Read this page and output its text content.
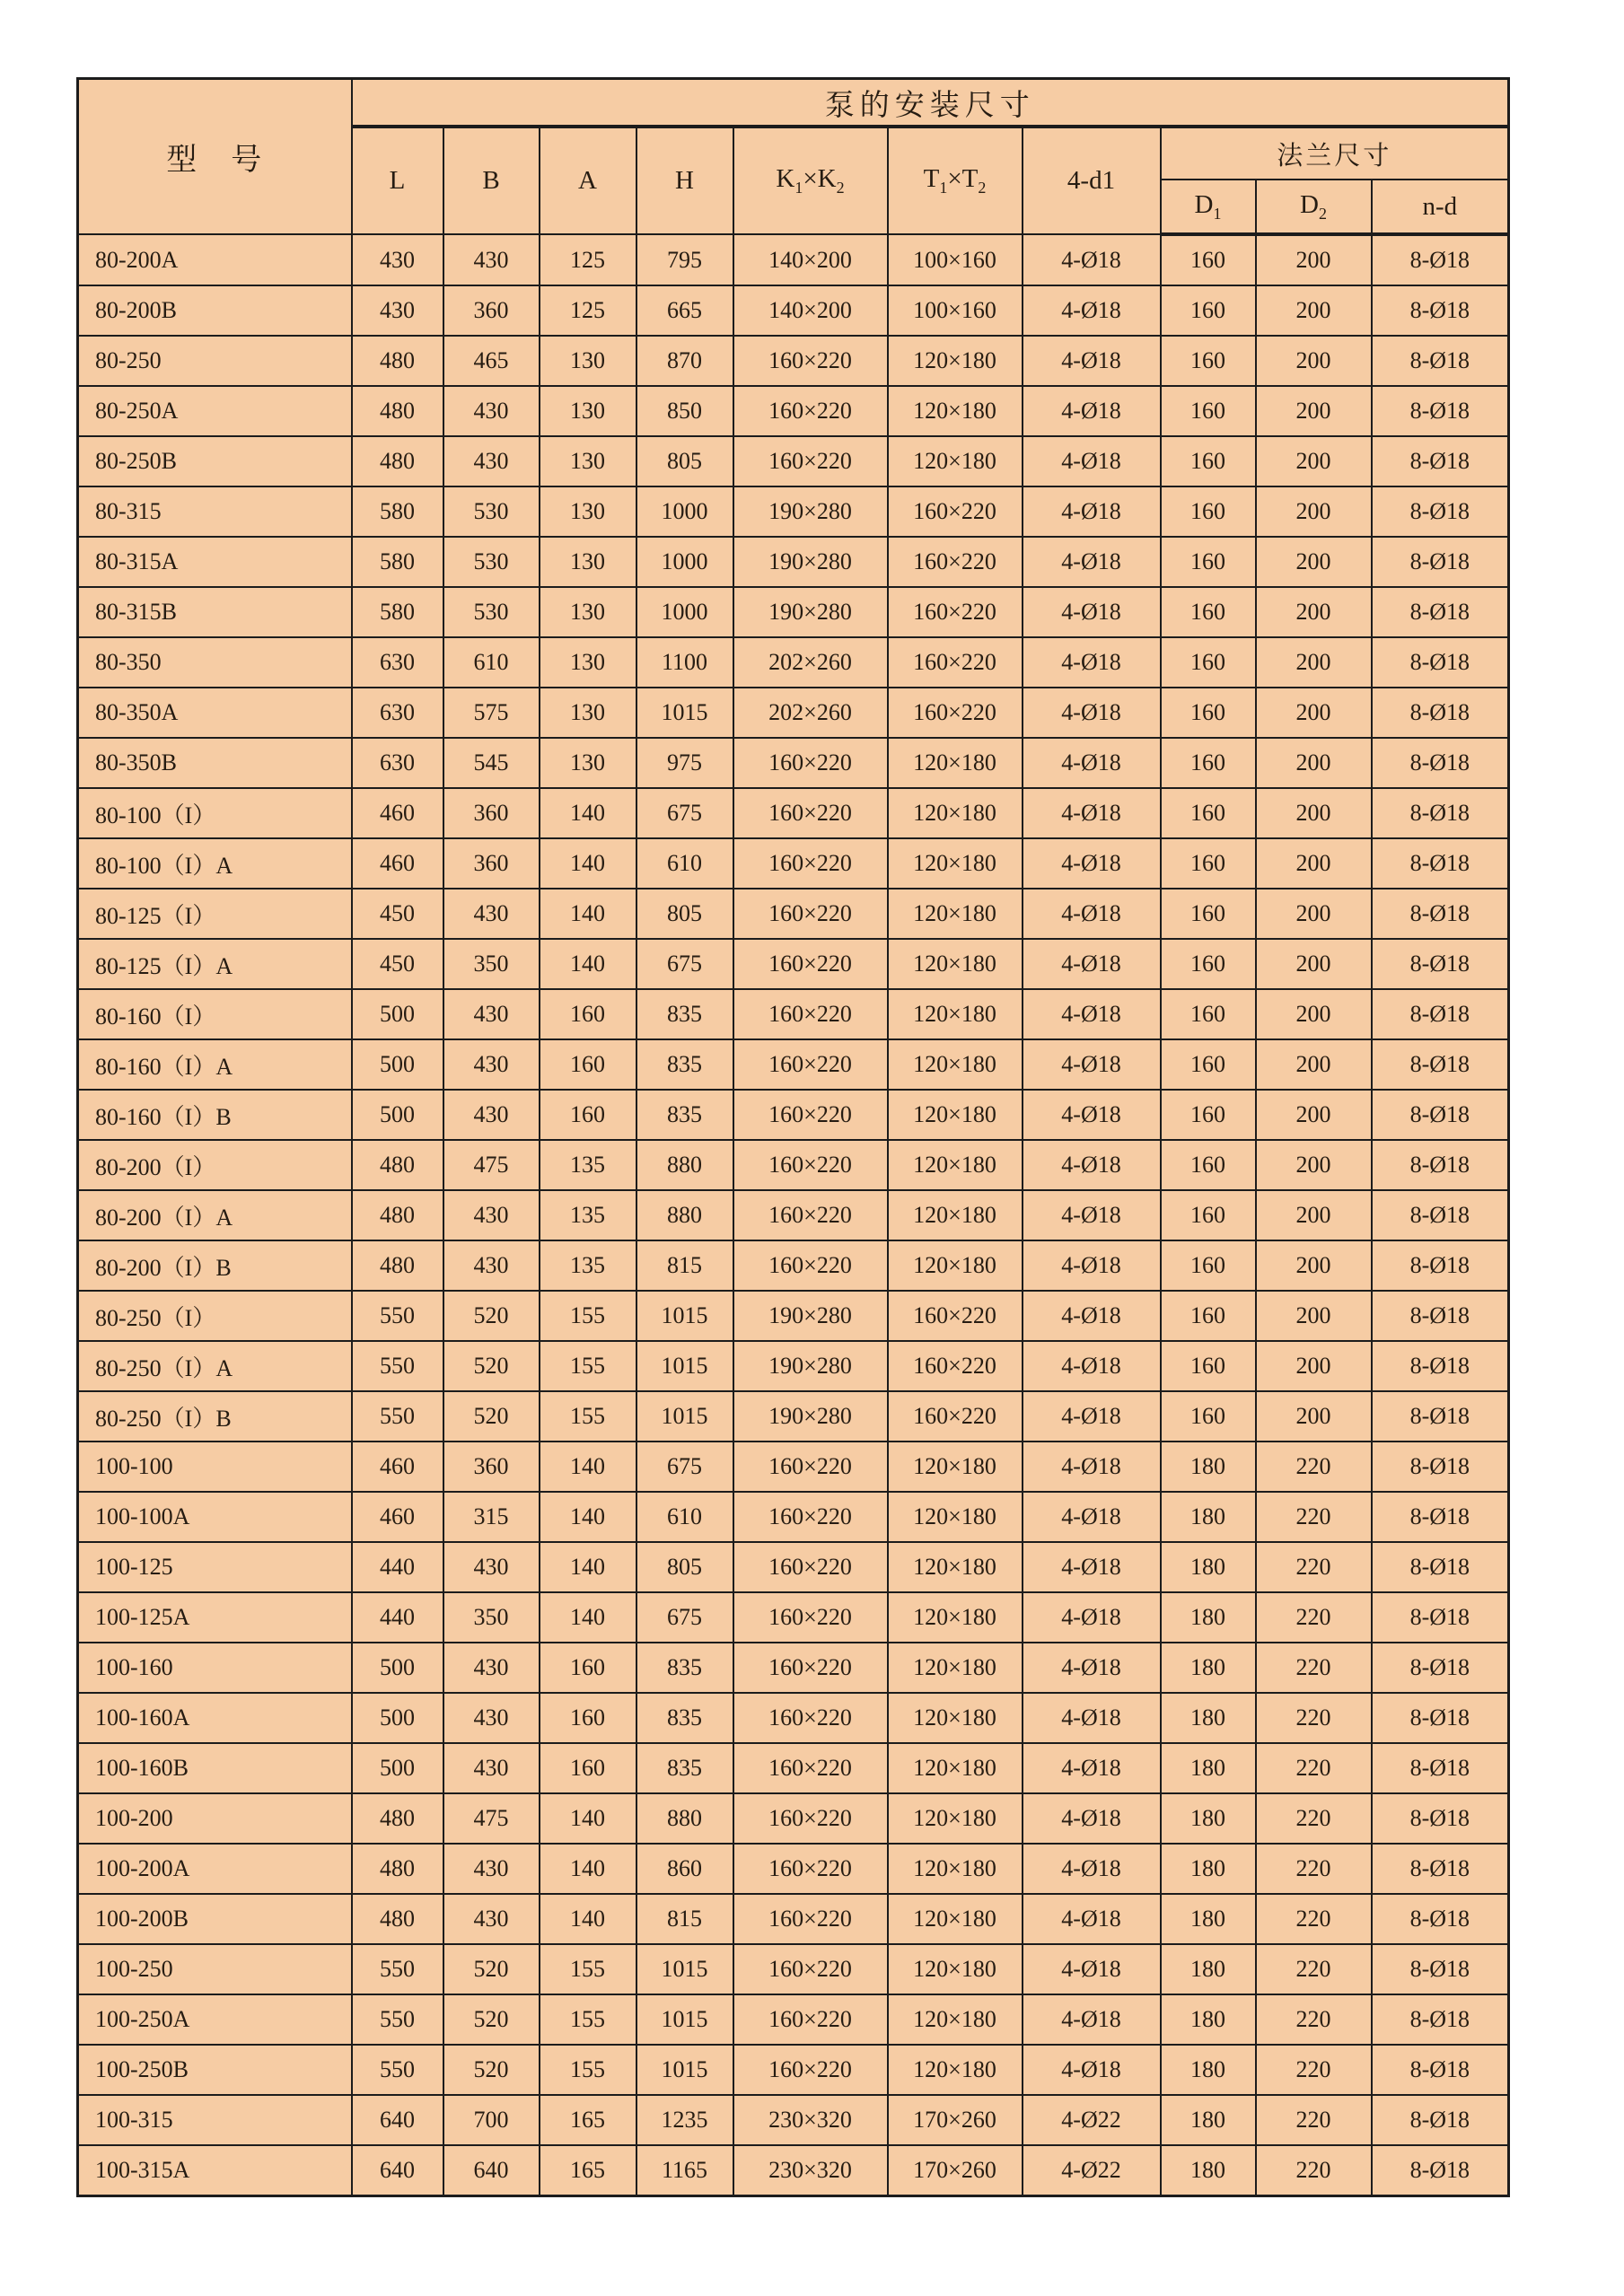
型　号	泵的安装尺寸									
	L	B	A	H	$K_1\times K_2$	$T_1\times T_2$	4-d1	法兰尺寸		
								$D_1$	$D_2$	n-d
80-200A	430	430	125	795	140×200	100×160	4-Ø18	160	200	8-Ø18
80-200B	430	360	125	665	140×200	100×160	4-Ø18	160	200	8-Ø18
80-250	480	465	130	870	160×220	120×180	4-Ø18	160	200	8-Ø18
80-250A	480	430	130	850	160×220	120×180	4-Ø18	160	200	8-Ø18
80-250B	480	430	130	805	160×220	120×180	4-Ø18	160	200	8-Ø18
80-315	580	530	130	1000	190×280	160×220	4-Ø18	160	200	8-Ø18
80-315A	580	530	130	1000	190×280	160×220	4-Ø18	160	200	8-Ø18
80-315B	580	530	130	1000	190×280	160×220	4-Ø18	160	200	8-Ø18
80-350	630	610	130	1100	202×260	160×220	4-Ø18	160	200	8-Ø18
80-350A	630	575	130	1015	202×260	160×220	4-Ø18	160	200	8-Ø18
80-350B	630	545	130	975	160×220	120×180	4-Ø18	160	200	8-Ø18
80-100（I）	460	360	140	675	160×220	120×180	4-Ø18	160	200	8-Ø18
80-100（I）A	460	360	140	610	160×220	120×180	4-Ø18	160	200	8-Ø18
80-125（I）	450	430	140	805	160×220	120×180	4-Ø18	160	200	8-Ø18
80-125（I）A	450	350	140	675	160×220	120×180	4-Ø18	160	200	8-Ø18
80-160（I）	500	430	160	835	160×220	120×180	4-Ø18	160	200	8-Ø18
80-160（I）A	500	430	160	835	160×220	120×180	4-Ø18	160	200	8-Ø18
80-160（I）B	500	430	160	835	160×220	120×180	4-Ø18	160	200	8-Ø18
80-200（I）	480	475	135	880	160×220	120×180	4-Ø18	160	200	8-Ø18
80-200（I）A	480	430	135	880	160×220	120×180	4-Ø18	160	200	8-Ø18
80-200（I）B	480	430	135	815	160×220	120×180	4-Ø18	160	200	8-Ø18
80-250（I）	550	520	155	1015	190×280	160×220	4-Ø18	160	200	8-Ø18
80-250（I）A	550	520	155	1015	190×280	160×220	4-Ø18	160	200	8-Ø18
80-250（I）B	550	520	155	1015	190×280	160×220	4-Ø18	160	200	8-Ø18
100-100	460	360	140	675	160×220	120×180	4-Ø18	180	220	8-Ø18
100-100A	460	315	140	610	160×220	120×180	4-Ø18	180	220	8-Ø18
100-125	440	430	140	805	160×220	120×180	4-Ø18	180	220	8-Ø18
100-125A	440	350	140	675	160×220	120×180	4-Ø18	180	220	8-Ø18
100-160	500	430	160	835	160×220	120×180	4-Ø18	180	220	8-Ø18
100-160A	500	430	160	835	160×220	120×180	4-Ø18	180	220	8-Ø18
100-160B	500	430	160	835	160×220	120×180	4-Ø18	180	220	8-Ø18
100-200	480	475	140	880	160×220	120×180	4-Ø18	180	220	8-Ø18
100-200A	480	430	140	860	160×220	120×180	4-Ø18	180	220	8-Ø18
100-200B	480	430	140	815	160×220	120×180	4-Ø18	180	220	8-Ø18
100-250	550	520	155	1015	160×220	120×180	4-Ø18	180	220	8-Ø18
100-250A	550	520	155	1015	160×220	120×180	4-Ø18	180	220	8-Ø18
100-250B	550	520	155	1015	160×220	120×180	4-Ø18	180	220	8-Ø18
100-315	640	700	165	1235	230×320	170×260	4-Ø22	180	220	8-Ø18
100-315A	640	640	165	1165	230×320	170×260	4-Ø22	180	220	8-Ø18
